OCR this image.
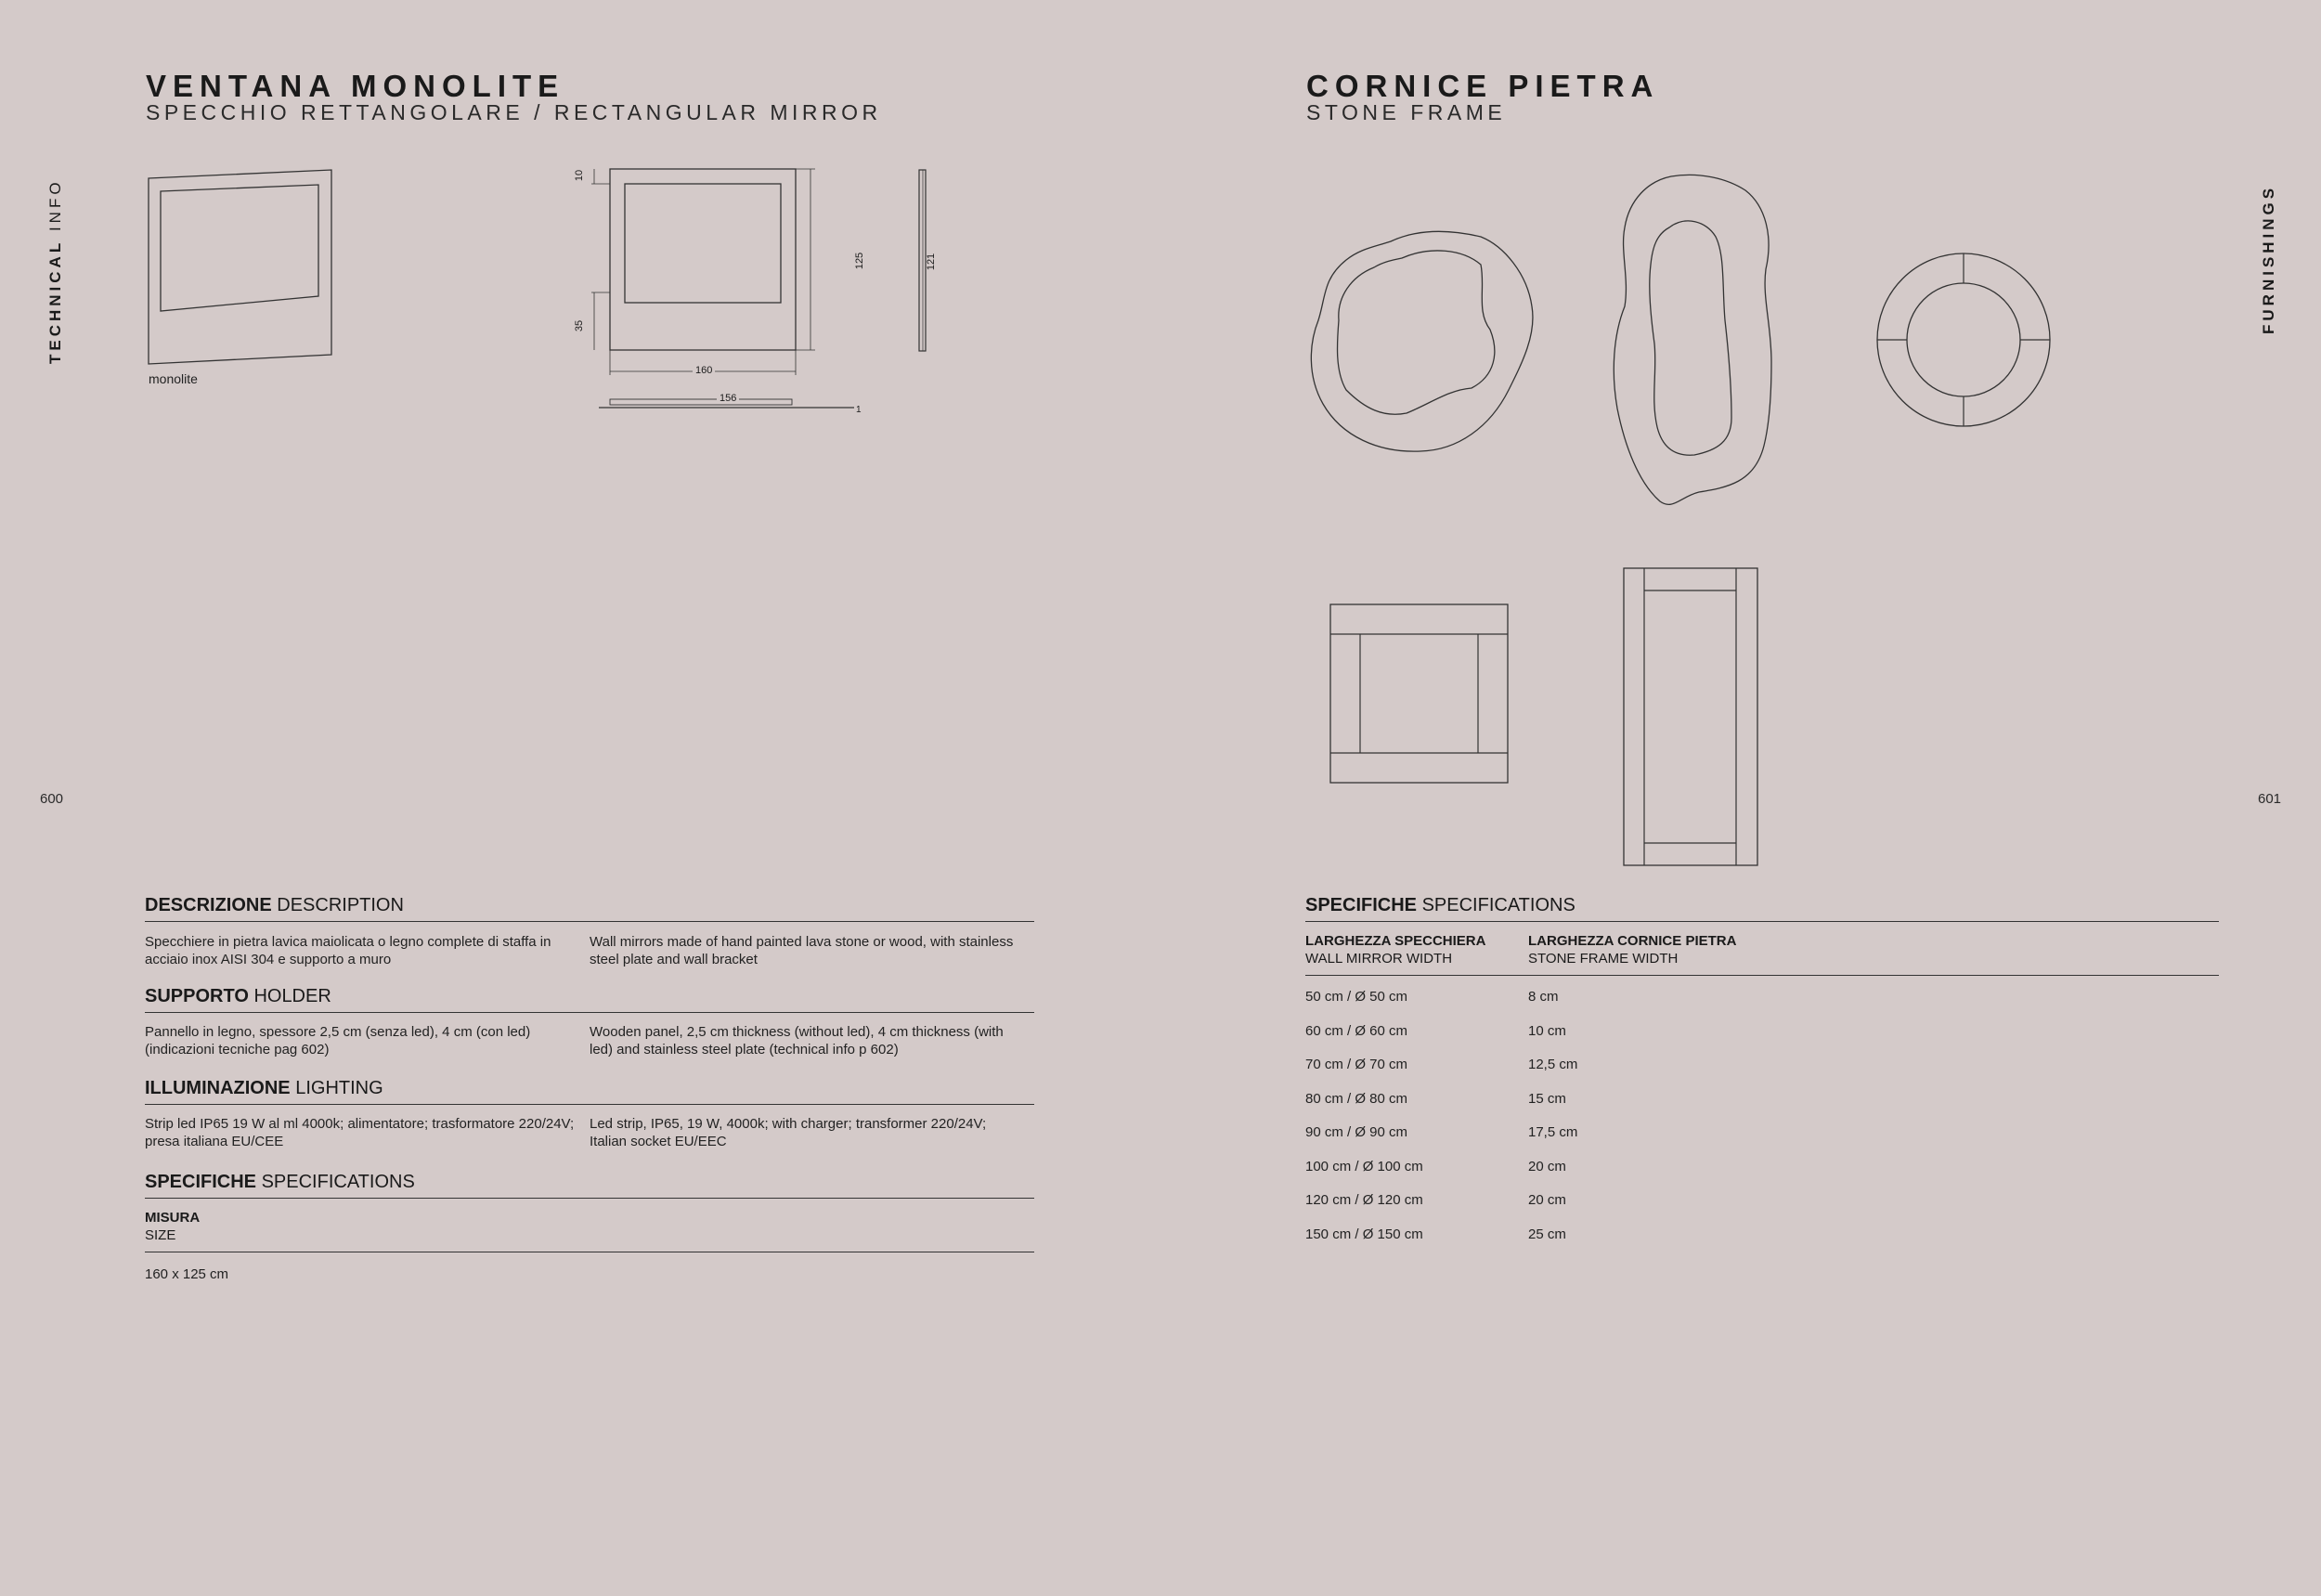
VENTANA MONOLITE
SPECCHIO RETTANGOLARE / RECTANGULAR MIRROR
TECHNICAL INFO
600
monolite
10
35
125
160
156
1
121
DESCRIZIONE DESCRIPTION
Specchiere in pietra lavica maiolicata o legno complete di staffa in acciaio inox AISI 304 e supporto a muro
Wall mirrors made of hand painted lava stone or wood, with stainless steel plate and wall bracket
SUPPORTO HOLDER
Pannello in legno, spessore 2,5 cm (senza led), 4 cm (con led) (indicazioni tecniche pag 602)
Wooden panel, 2,5 cm thickness (without led), 4 cm thickness (with led) and stainless steel plate (technical info p 602)
ILLUMINAZIONE LIGHTING
Strip led IP65 19 W al ml 4000k; alimentatore; trasformatore 220/24V; presa italiana EU/CEE
Led strip, IP65, 19 W, 4000k; with charger; transformer 220/24V; Italian socket EU/EEC
SPECIFICHE SPECIFICATIONS
MISURA
SIZE
160 x 125 cm
CORNICE PIETRA
STONE FRAME
FURNISHINGS
601
SPECIFICHE SPECIFICATIONS
LARGHEZZA SPECCHIERA
WALL MIRROR WIDTH
LARGHEZZA CORNICE PIETRA
STONE FRAME WIDTH
50 cm / Ø 50 cm	8 cm
60 cm / Ø 60 cm	10 cm
70 cm / Ø 70 cm	12,5 cm
80 cm / Ø 80 cm	15 cm
90 cm / Ø 90 cm	17,5 cm
100 cm / Ø 100 cm	20 cm
120 cm / Ø 120 cm	20 cm
150 cm / Ø 150 cm	25 cm
